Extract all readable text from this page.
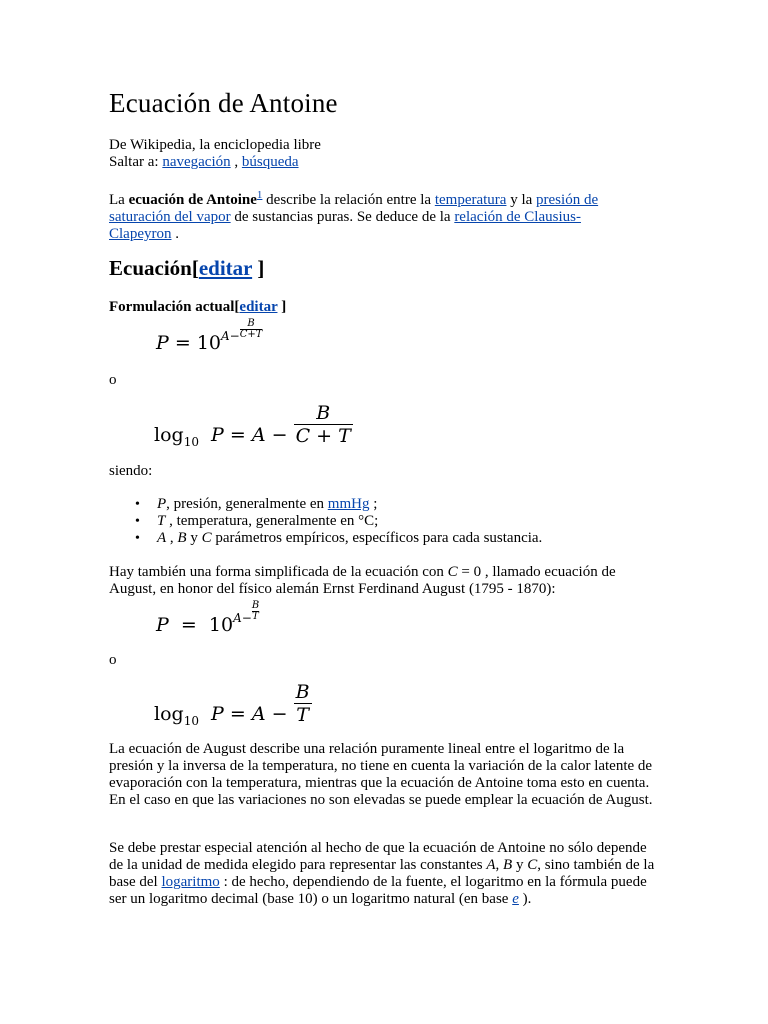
Ecuación de Antoine

De Wikipedia, la enciclopedia libre

Saltar a: navegación , búsqueda

La ecuación de Antoine$^1$ describe la relación entre la temperatura y la presión de saturación del vapor de sustancias puras. Se deduce de la relación de Clausius-Clapeyron .

Ecuación[editar ]
Formulación actual[editar ]
$P = 10^{A- \frac{B}{C+T}}$

o

$\log_{10} P = A - \frac{B}{C + T}$

siendo:

• P, presión, generalmente en mmHg ;
• T , temperatura, generalmente en °C;
• A , B y C parámetros empíricos, específicos para cada sustancia.

Hay también una forma simplificada de la ecuación con C = 0 , llamado ecuación de August, en honor del físico alemán Ernst Ferdinand August (1795 - 1870):

$P = 10^{A- \frac{B}{T}}$

o

$\log_{10} P = A - \frac{B}{T}$

La ecuación de August describe una relación puramente lineal entre el logaritmo de la presión y la inversa de la temperatura, no tiene en cuenta la variación de la calor latente de evaporación con la temperatura, mientras que la ecuación de Antoine toma esto en cuenta. En el caso en que las variaciones no son elevadas se puede emplear la ecuación de August.

Se debe prestar especial atención al hecho de que la ecuación de Antoine no sólo depende de la unidad de medida elegido para representar las constantes A, B y C, sino también de la base del logaritmo : de hecho, dependiendo de la fuente, el logaritmo en la fórmula puede ser un logaritmo decimal (base 10) o un logaritmo natural (en base e ).
